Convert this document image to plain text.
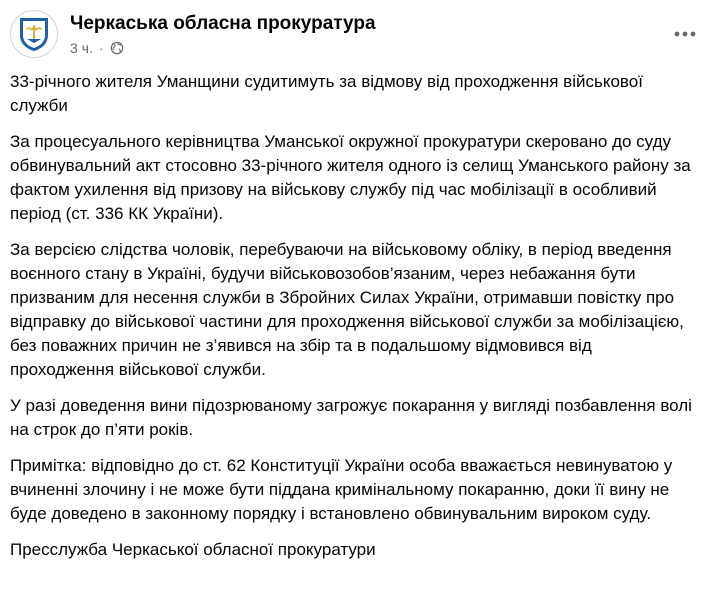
Черкаська обласна прокуратура
3 ч. ·

33-річного жителя Уманщини судитимуть за відмову від проходження військової служби

За процесуального керівництва Уманської окружної прокуратури скеровано до суду обвинувальний акт стосовно 33-річного жителя одного із селищ Уманського району за фактом ухилення від призову на військову службу під час мобілізації в особливий період (ст. 336 КК України).

За версією слідства чоловік, перебуваючи на військовому обліку, в період введення воєнного стану в Україні, будучи військовозобов’язаним, через небажання бути призваним для несення служби в Збройних Силах України, отримавши повістку про відправку до військової частини для проходження військової служби за мобілізацією, без поважних причин не з’явився на збір та в подальшому відмовився від проходження військової служби.

У разі доведення вини підозрюваному загрожує покарання у вигляді позбавлення волі на строк до п’яти років.

Примітка: відповідно до ст. 62 Конституції України особа вважається невинуватою у вчиненні злочину і не може бути піддана кримінальному покаранню, доки її вину не буде доведено в законному порядку і встановлено обвинувальним вироком суду.

Пресслужба Черкаської обласної прокуратури
